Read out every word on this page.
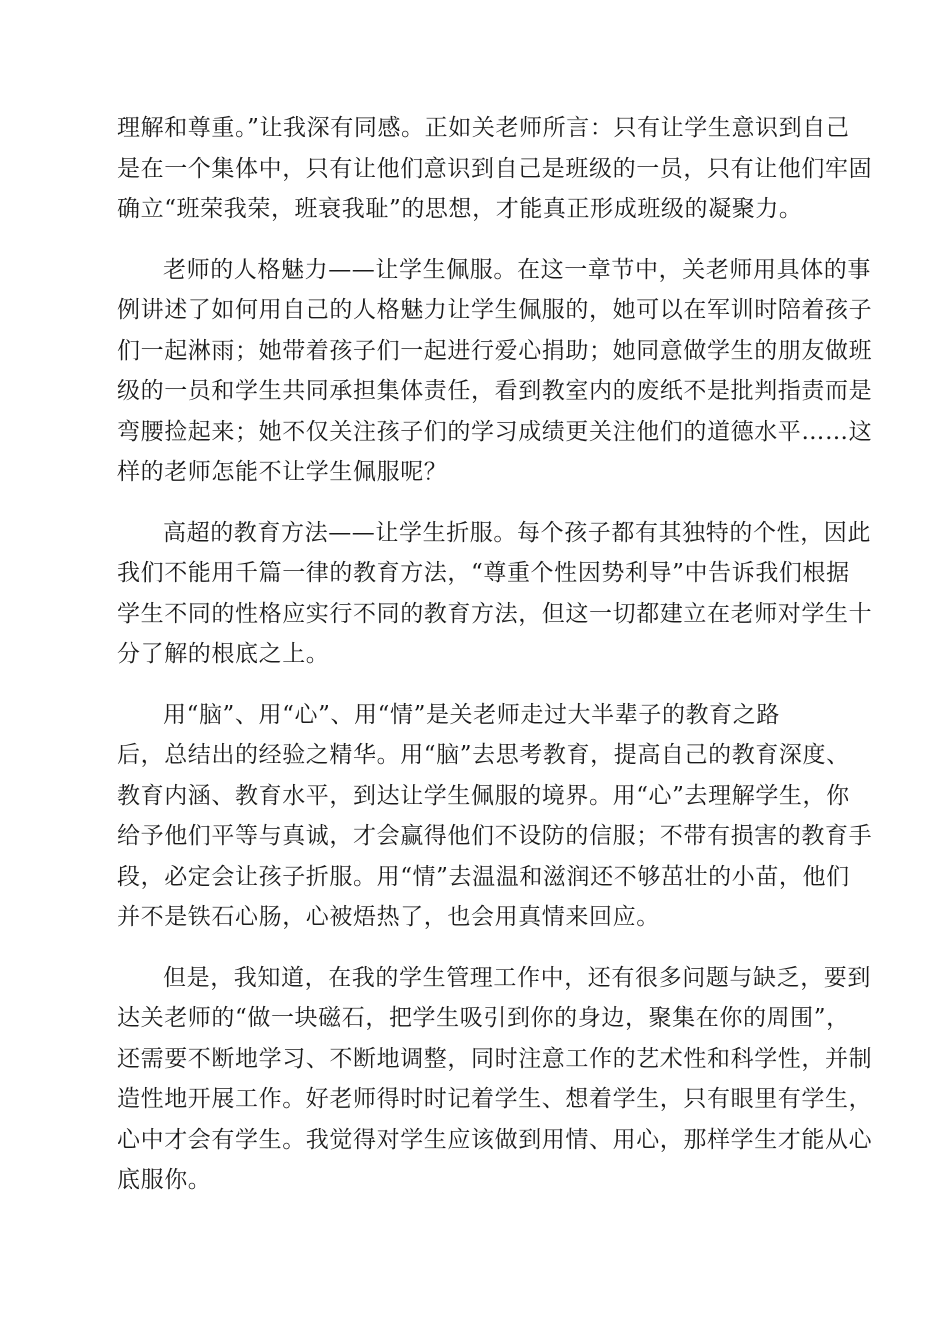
理解和尊重。”让我深有同感。正如关老师所言：只有让学生意识到自己
是在一个集体中，只有让他们意识到自己是班级的一员，只有让他们牢固
确立“班荣我荣，班衰我耻”的思想，才能真正形成班级的凝聚力。
老师的人格魅力——让学生佩服。在这一章节中，关老师用具体的事
例讲述了如何用自己的人格魅力让学生佩服的，她可以在军训时陪着孩子
们一起淋雨；她带着孩子们一起进行爱心捐助；她同意做学生的朋友做班
级的一员和学生共同承担集体责任，看到教室内的废纸不是批判指责而是
弯腰捡起来；她不仅关注孩子们的学习成绩更关注他们的道德水平……这
样的老师怎能不让学生佩服呢？
高超的教育方法——让学生折服。每个孩子都有其独特的个性，因此
我们不能用千篇一律的教育方法，“尊重个性因势利导”中告诉我们根据
学生不同的性格应实行不同的教育方法，但这一切都建立在老师对学生十
分了解的根底之上。
用“脑”、用“心”、用“情”是关老师走过大半辈子的教育之路
后，总结出的经验之精华。用“脑”去思考教育，提高自己的教育深度、
教育内涵、教育水平，到达让学生佩服的境界。用“心”去理解学生，你
给予他们平等与真诚，才会赢得他们不设防的信服；不带有损害的教育手
段，必定会让孩子折服。用“情”去温温和滋润还不够茁壮的小苗，他们
并不是铁石心肠，心被焐热了，也会用真情来回应。
但是，我知道，在我的学生管理工作中，还有很多问题与缺乏，要到
达关老师的“做一块磁石，把学生吸引到你的身边，聚集在你的周围”，
还需要不断地学习、不断地调整，同时注意工作的艺术性和科学性，并制
造性地开展工作。好老师得时时记着学生、想着学生，只有眼里有学生，
心中才会有学生。我觉得对学生应该做到用情、用心，那样学生才能从心
底服你。
